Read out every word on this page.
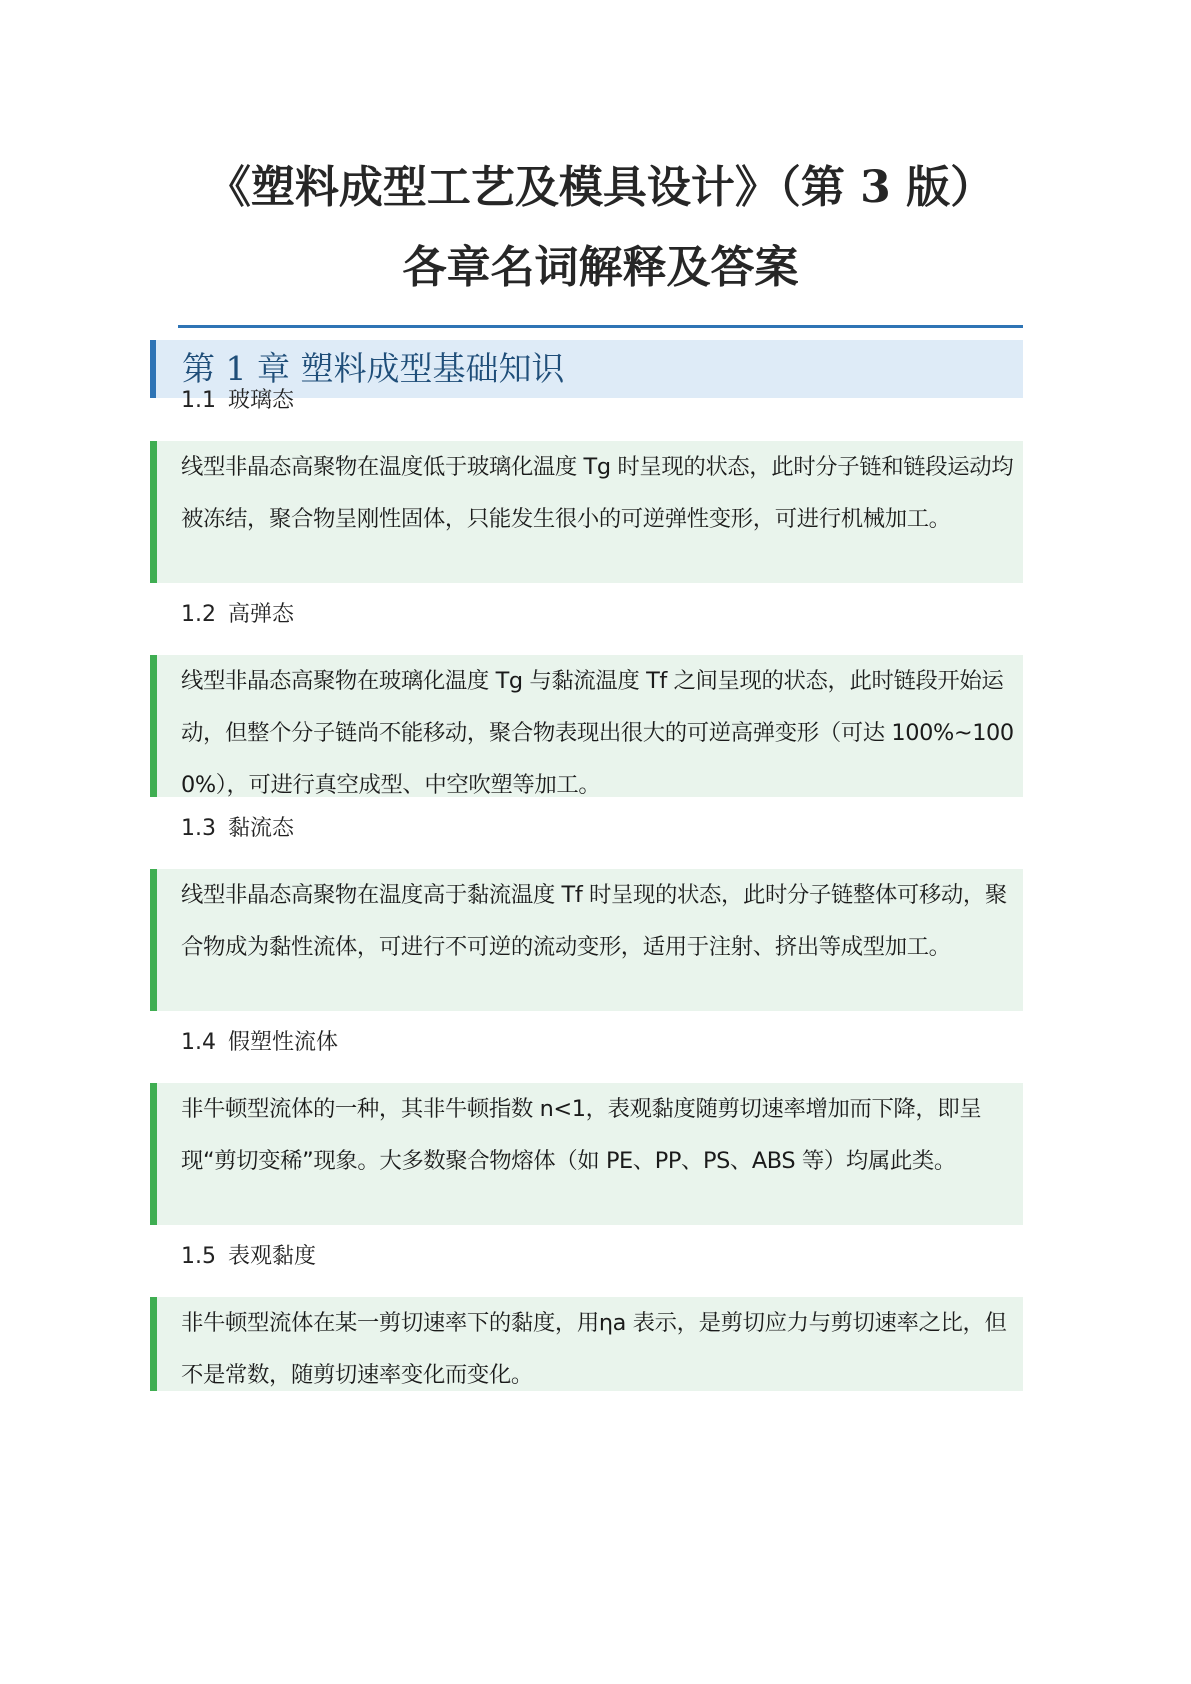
《塑料成型工艺及模具设计》（第 3 版）
各章名词解释及答案
第 1 章 塑料成型基础知识
1.1 玻璃态

线型非晶态高聚物在温度低于玻璃化温度 Tg 时呈现的状态，此时分子链和链段运动均被冻结，聚合物呈刚性固体，只能发生很小的可逆弹性变形，可进行机械加工。

1.2 高弹态

线型非晶态高聚物在玻璃化温度 Tg 与黏流温度 Tf 之间呈现的状态，此时链段开始运动，但整个分子链尚不能移动，聚合物表现出很大的可逆高弹变形（可达 100%~1000%），可进行真空成型、中空吹塑等加工。

1.3 黏流态

线型非晶态高聚物在温度高于黏流温度 Tf 时呈现的状态，此时分子链整体可移动，聚合物成为黏性流体，可进行不可逆的流动变形，适用于注射、挤出等成型加工。

1.4 假塑性流体

非牛顿型流体的一种，其非牛顿指数 n<1，表观黏度随剪切速率增加而下降，即呈现“剪切变稀”现象。大多数聚合物熔体（如 PE、PP、PS、ABS 等）均属此类。

1.5 表观黏度

非牛顿型流体在某一剪切速率下的黏度，用ηa 表示，是剪切应力与剪切速率之比，但不是常数，随剪切速率变化而变化。
